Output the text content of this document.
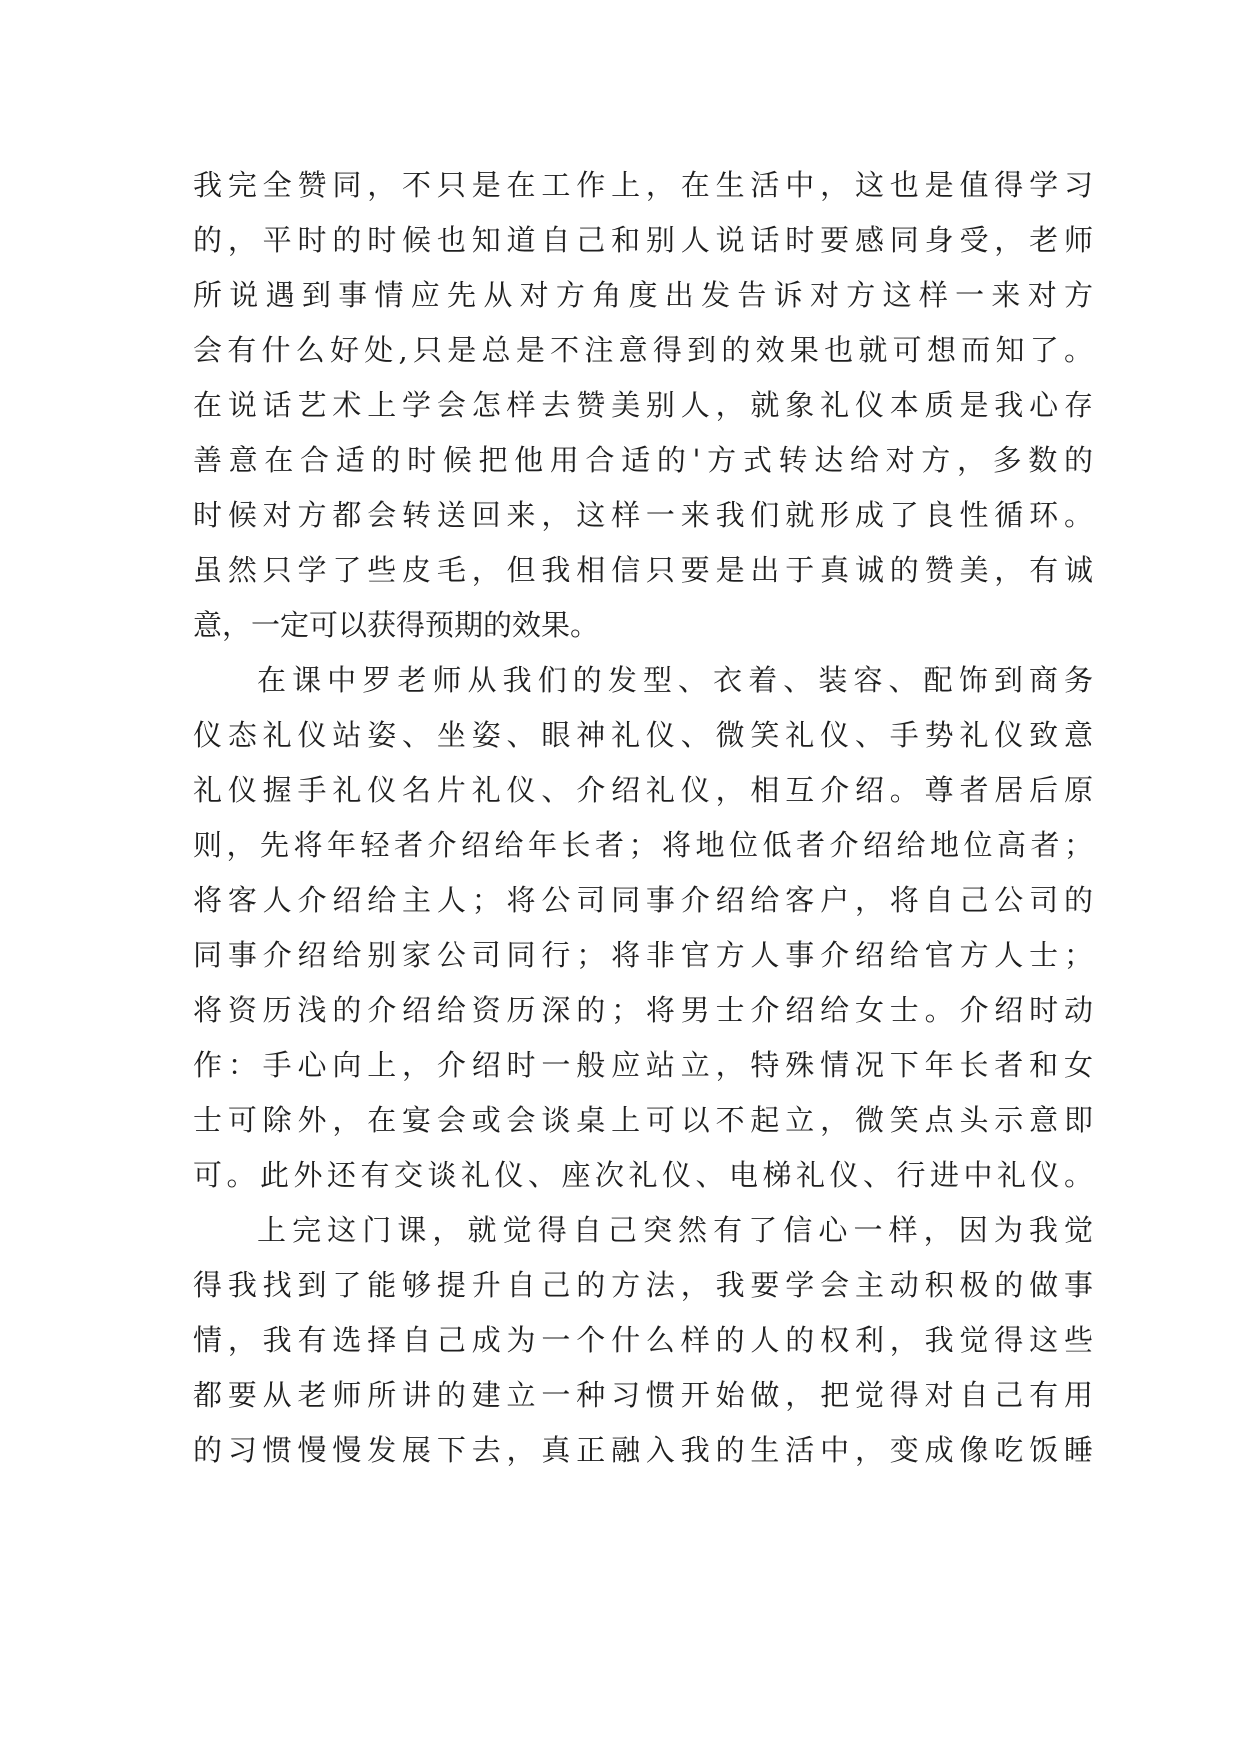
我完全赞同，不只是在工作上，在生活中，这也是值得学习
的，平时的时候也知道自己和别人说话时要感同身受，老师
所说遇到事情应先从对方角度出发告诉对方这样一来对方
会有什么好处,只是总是不注意得到的效果也就可想而知了。
在说话艺术上学会怎样去赞美别人，就象礼仪本质是我心存
善意在合适的时候把他用合适的'方式转达给对方，多数的
时候对方都会转送回来，这样一来我们就形成了良性循环。
虽然只学了些皮毛，但我相信只要是出于真诚的赞美，有诚
意，一定可以获得预期的效果。
在课中罗老师从我们的发型、衣着、装容、配饰到商务
仪态礼仪站姿、坐姿、眼神礼仪、微笑礼仪、手势礼仪致意
礼仪握手礼仪名片礼仪、介绍礼仪，相互介绍。尊者居后原
则，先将年轻者介绍给年长者；将地位低者介绍给地位高者；
将客人介绍给主人；将公司同事介绍给客户，将自己公司的
同事介绍给别家公司同行；将非官方人事介绍给官方人士；
将资历浅的介绍给资历深的；将男士介绍给女士。介绍时动
作：手心向上，介绍时一般应站立，特殊情况下年长者和女
士可除外，在宴会或会谈桌上可以不起立，微笑点头示意即
可。此外还有交谈礼仪、座次礼仪、电梯礼仪、行进中礼仪。
上完这门课，就觉得自己突然有了信心一样，因为我觉
得我找到了能够提升自己的方法，我要学会主动积极的做事
情，我有选择自己成为一个什么样的人的权利，我觉得这些
都要从老师所讲的建立一种习惯开始做，把觉得对自己有用
的习惯慢慢发展下去，真正融入我的生活中，变成像吃饭睡
